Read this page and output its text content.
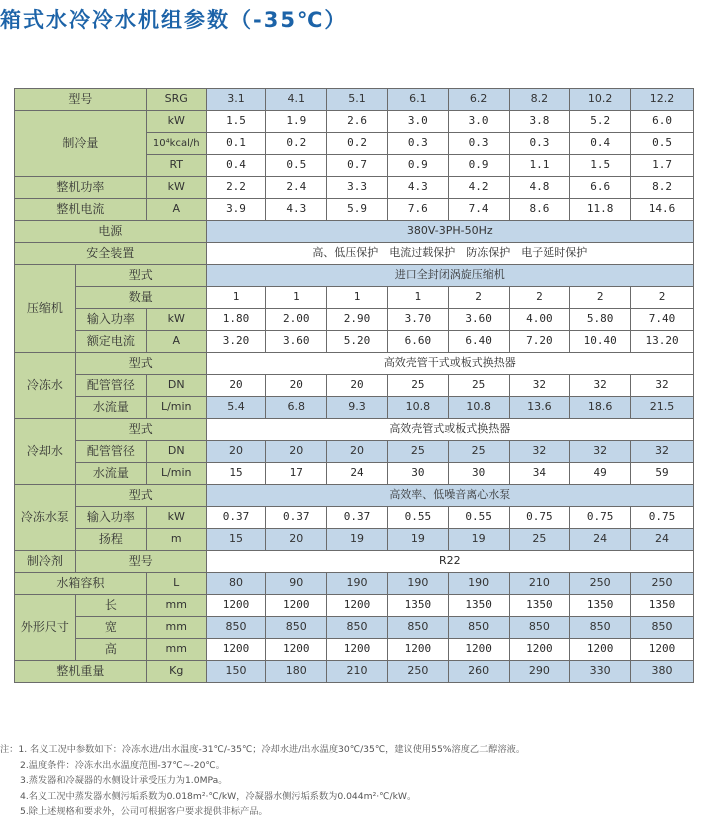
箱式水冷冷水机组参数（-35℃）
型号		SRG	3.1	4.1	5.1	6.1	6.2	8.2	10.2	12.2
制冷量		kW	1.5	1.9	2.6	3.0	3.0	3.8	5.2	6.0
		10⁴kcal/h	0.1	0.2	0.2	0.3	0.3	0.3	0.4	0.5
		RT	0.4	0.5	0.7	0.9	0.9	1.1	1.5	1.7
整机功率		kW	2.2	2.4	3.3	4.3	4.2	4.8	6.6	8.2
整机电流		A	3.9	4.3	5.9	7.6	7.4	8.6	11.8	14.6
电源			380V-3PH-50Hz							
安全装置			高、低压保护　电流过载保护　防冻保护　电子延时保护							
压缩机	型式		进口全封闭涡旋压缩机							
	数量		1	1	1	1	2	2	2	2
	输入功率	kW	1.80	2.00	2.90	3.70	3.60	4.00	5.80	7.40
	额定电流	A	3.20	3.60	5.20	6.60	6.40	7.20	10.40	13.20
冷冻水	型式		高效壳管干式或板式换热器							
	配管管径	DN	20	20	20	25	25	32	32	32
	水流量	L/min	5.4	6.8	9.3	10.8	10.8	13.6	18.6	21.5
冷却水	型式		高效壳管式或板式换热器							
	配管管径	DN	20	20	20	25	25	32	32	32
	水流量	L/min	15	17	24	30	30	34	49	59
冷冻水泵	型式		高效率、低噪音离心水泵							
	输入功率	kW	0.37	0.37	0.37	0.55	0.55	0.75	0.75	0.75
	扬程	m	15	20	19	19	19	25	24	24
制冷剂	型号		R22							
水箱容积		L	80	90	190	190	190	210	250	250
外形尺寸	长	mm	1200	1200	1200	1350	1350	1350	1350	1350
	宽	mm	850	850	850	850	850	850	850	850
	高	mm	1200	1200	1200	1200	1200	1200	1200	1200
整机重量		Kg	150	180	210	250	260	290	330	380
注：1. 名义工况中参数如下：冷冻水进/出水温度-31℃/-35℃；冷却水进/出水温度30℃/35℃，建议使用55%溶度乙二醇溶液。
2.温度条件：冷冻水出水温度范围-37℃~-20℃。
3.蒸发器和冷凝器的水侧设计承受压力为1.0MPa。
4.名义工况中蒸发器水侧污垢系数为0.018m²·℃/kW，冷凝器水侧污垢系数为0.044m²·℃/kW。
5.除上述规格和要求外，公司可根据客户要求提供非标产品。
